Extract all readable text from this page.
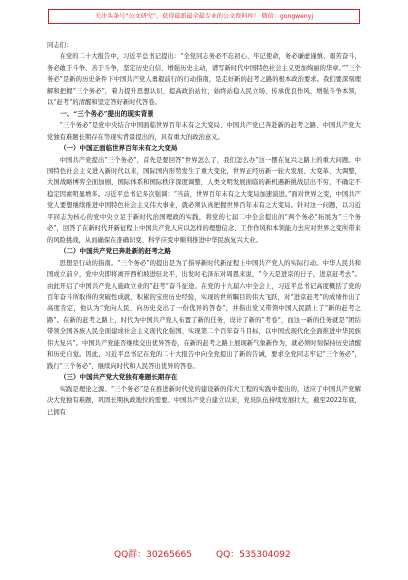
关注头条号“公文研究”，获得最新最全最专业的公文资料库！ 微信：gongwenyj

同志们：

在党的二十大报告中，习近平总书记提出：“全党同志务必不忘初心、牢记使命，务必谦虚谨慎、艰苦奋斗，务必敢于斗争、善于斗争，坚定历史自信、增强历史主动，谱写新时代中国特色社会主义更加绚丽的华章。”“三个务必”是新的历史条件下中国共产党人勇毅前行的行动指南，是走好新的赶考之路的根本政治要求。我们要深刻理解和把握“三个务必”，着力提升思想认识、提高政治站位，始终站稳人民立场、传承优良作风、增强斗争本领，以“赶考”的清醒和坚定答好新时代答卷。

一、“三个务必”提出的现实背景

“三个务必”是党中央结合中国面临世界百年未有之大变局、中国共产党已奔赴新的赶考之路、中国共产党大党独有难题长期存在等现实背景提出的，具有重大的政治意义。

（一）中国正面临世界百年未有之大变局

中国共产党提出“三个务必”，首先是要回答“世界怎么了，我们怎么办”这一摆在复兴之路上的重大问题。中国特色社会主义进入新时代以来，国际国内形势发生了重大变化，世界正经历新一轮大发展、大变革、大调整，大国战略博弈全面加剧，国际体系和国际秩序深度调整，人类文明发展面临的新机遇新挑战层出不穷，不确定不稳定因素明显增多。习近平总书记多次强调：“当前，世界百年未有之大变局加速演进。”面对世界之变，中国共产党人要想继续推进中国特色社会主义伟大事业，就必须认真把握世界百年未有之大变局。针对这一问题，以习近平同志为核心的党中央立足于新时代治国理政的实践，将党的七届二中全会提出的“两个务必”拓展为“三个务必”，回答了在新时代开新征程上中国共产党人应以怎样的理想信念、工作作风和本领能力去应对世界之变所带来的风险挑战，从而确保在准确识变、科学应变中顺利推进中华民族复兴大业。

（二）中国共产党已奔赴新的赶考之路

思想是行动的指南。“三个务必”的提出是为了指导新时代新征程上中国共产党人的实际行动。中华人民共和国成立前夕，党中央即将离开西柏坡进驻北平，出发时毛泽东对周恩来说，“今天是进京的日子，进京赶考去”。由此开启了中国共产党人施政立业的“赶考”奋斗征途。在党的十九届六中全会上，习近平总书记高度概括了党的百年奋斗所取得的突破性成就，积累的宝贵历史经验，实现的世所瞩目的伟大飞跃，对“进京赶考”的成绩作出了高度肯定，他认为“党向人民、向历史交出了一份优异的答卷”，并指出党又带领中国人民踏上了“新的赶考之路”。在新的赶考之路上，时代为中国共产党人布置了新的任务，设计了新的“考卷”，而这一新的任务就是“团结带领全国各族人民全面建成社会主义现代化强国、实现第二个百年奋斗目标，以中国式现代化全面推进中华民族伟大复兴”。中国共产党能否继续交出优异答卷，在新的赶考之路上展现新气象新作为，就必须时刻保持历史清醒和历史自觉。因此，习近平总书记在党的二十大报告中向全党提出了新的告诫，要求全党同志牢记“三个务必”，践行“三个务必”，继续向时代和人民答出优异的答卷。

（三）中国共产党大党独有难题长期存在

实践是理论之源。“三个务必”是在推进新时代党的建设新的伟大工程的实践中提出的，适应了中国共产党解决大党独有难题，巩固长期执政地位的需要。中国共产党自建立以来，党员队伍持续发展壮大，截至2022年底，已拥有

QQ群：30265665	QQ：535304092
